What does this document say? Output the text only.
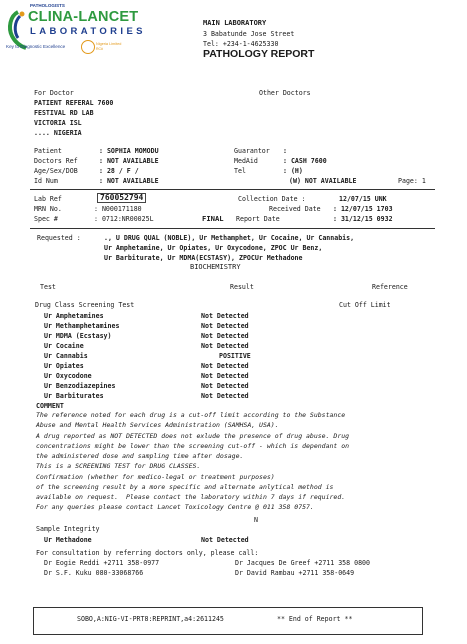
PATHOLOGISTS
CLINA-LANCET
LABORATORIES
Key to Diagnostic Excellence	Nigeria Limited
RC#
MAIN LABORATORY
3 Babatunde Jose Street
Tel: +234-1-4625330
PATHOLOGY REPORT
For Doctor	Other Doctors
PATIENT REFERAL 7600
FESTIVAL RD LAB
VICTORIA ISL
.... NIGERIA
Patient	: SOPHIA MOMODU
Doctors Ref	: NOT AVAILABLE
Age/Sex/DOB	: 28 / F /
Id Num	: NOT AVAILABLE
Guarantor :
MedAid	: CASH 7600
Tel	: (H)
(W) NOT AVAILABLE	Page: 1
Lab Ref	760052794
MRN No.	: N000171180
Spec #	: 0712:NR00025L
Collection Date :	12/07/15 UNK
Received Date : 12/07/15 1703
FINAL Report Date	: 31/12/15 0932
Requested :	., U DRUG QUAL (NOBLE), Ur Methamphet, Ur Cocaine, Ur Cannabis,
Ur Amphetamine, Ur Opiates, Ur Oxycodone, ZPOC Ur Benz,
Ur Barbiturate, Ur MDMA(ECSTASY), ZPOCUr Methadone
BIOCHEMISTRY
Test	Result	Reference
Drug Class Screening Test	Cut Off Limit
Ur Amphetamines	Not Detected
Ur Methamphetamines	Not Detected
Ur MDMA (Ecstasy)	Not Detected
Ur Cocaine	Not Detected
Ur Cannabis	POSITIVE
Ur Opiates	Not Detected
Ur Oxycodone	Not Detected
Ur Benzodiazepines	Not Detected
Ur Barbiturates	Not Detected
COMMENT
The reference noted for each drug is a cut-off limit according to the Substance
Abuse and Mental Health Services Administration (SAMHSA, USA).
A drug reported as NOT DETECTED does not exlude the presence of drug abuse. Drug
concentrations might be lower than the screening cut-off - which is dependant on
the administered dose and sampling time after dosage.
This is a SCREENING TEST for DRUG CLASSES.
Confirmation (whether for medico-legal or treatment purposes)
of the screening result by a more specific and alternate anlytical method is
available on request.  Please contact the laboratory within 7 days if required.
For any queries please contact Lancet Toxicology Centre @ 011 358 0757.
Sample Integrity
N
Ur Methadone	Not Detected
For consultation by referring doctors only, please call:
Dr Eogie Reddi +2711 358-0977
Dr S.F. Kuku 080-33068766
Dr Jacques De Greef +2711 358 0800
Dr David Rambau +2711 358-0649
SOBO,A:NIG-VI-PRT8:REPRINT,a4:2611245	** End of Report **
